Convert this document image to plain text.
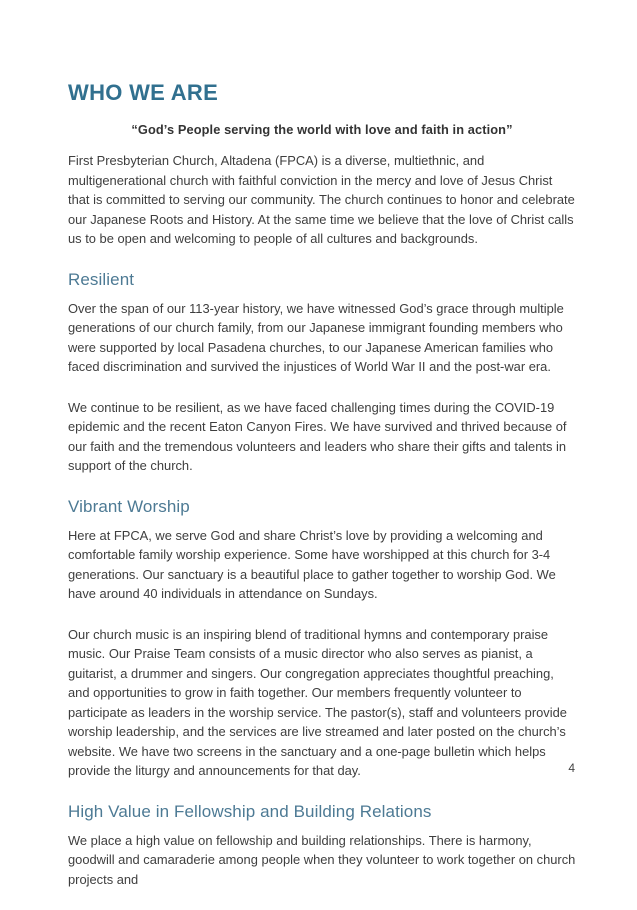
WHO WE ARE

“God’s People serving the world with love and faith in action”

First Presbyterian Church, Altadena (FPCA) is a diverse, multiethnic, and multigenerational church with faithful conviction in the mercy and love of Jesus Christ that is committed to serving our community. The church continues to honor and celebrate our Japanese Roots and History. At the same time we believe that the love of Christ calls us to be open and welcoming to people of all cultures and backgrounds.

Resilient

Over the span of our 113-year history, we have witnessed God’s grace through multiple generations of our church family, from our Japanese immigrant founding members who were supported by local Pasadena churches, to our Japanese American families who faced discrimination and survived the injustices of World War II and the post-war era.

We continue to be resilient, as we have faced challenging times during the COVID-19 epidemic and the recent Eaton Canyon Fires. We have survived and thrived because of our faith and the tremendous volunteers and leaders who share their gifts and talents in support of the church.

Vibrant Worship

Here at FPCA, we serve God and share Christ’s love by providing a welcoming and comfortable family worship experience. Some have worshipped at this church for 3-4 generations. Our sanctuary is a beautiful place to gather together to worship God. We have around 40 individuals in attendance on Sundays.

Our church music is an inspiring blend of traditional hymns and contemporary praise music. Our Praise Team consists of a music director who also serves as pianist, a guitarist, a drummer and singers. Our congregation appreciates thoughtful preaching, and opportunities to grow in faith together. Our members frequently volunteer to participate as leaders in the worship service. The pastor(s), staff and volunteers provide worship leadership, and the services are live streamed and later posted on the church’s website. We have two screens in the sanctuary and a one-page bulletin which helps provide the liturgy and announcements for that day.

High Value in Fellowship and Building Relations

We place a high value on fellowship and building relationships. There is harmony, goodwill and camaraderie among people when they volunteer to work together on church projects and

4
